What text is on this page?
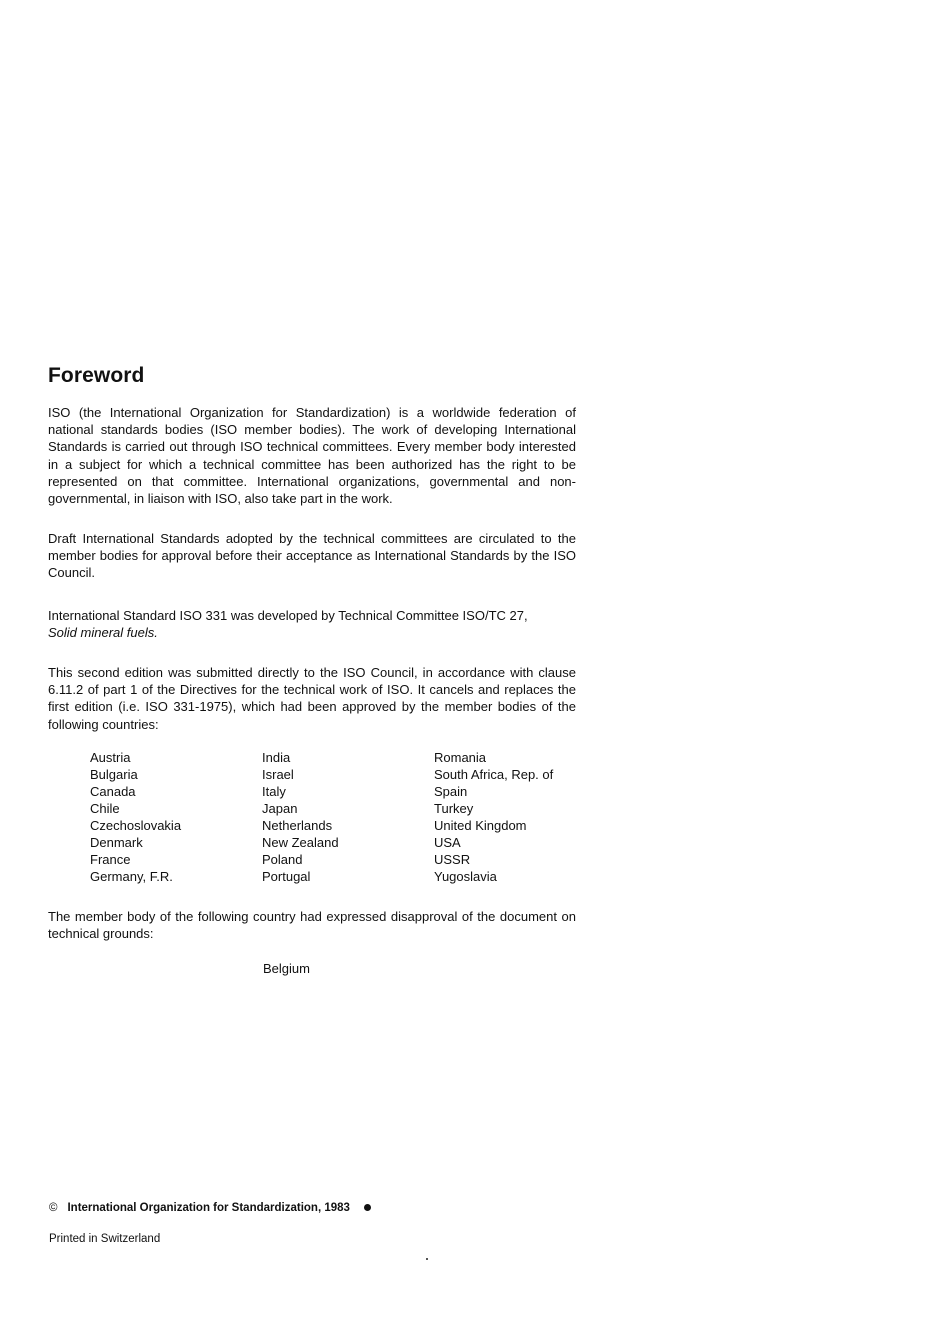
Foreword

ISO (the International Organization for Standardization) is a worldwide federation of national standards bodies (ISO member bodies). The work of developing International Standards is carried out through ISO technical committees. Every member body interested in a subject for which a technical committee has been authorized has the right to be represented on that committee. International organizations, governmental and non-governmental, in liaison with ISO, also take part in the work.

Draft International Standards adopted by the technical committees are circulated to the member bodies for approval before their acceptance as International Standards by the ISO Council.

International Standard ISO 331 was developed by Technical Committee ISO/TC 27,
Solid mineral fuels.

This second edition was submitted directly to the ISO Council, in accordance with clause 6.11.2 of part 1 of the Directives for the technical work of ISO. It cancels and replaces the first edition (i.e. ISO 331-1975), which had been approved by the member bodies of the following countries:

Austria
Bulgaria
Canada
Chile
Czechoslovakia
Denmark
France
Germany, F.R.
India
Israel
Italy
Japan
Netherlands
New Zealand
Poland
Portugal
Romania
South Africa, Rep. of
Spain
Turkey
United Kingdom
USA
USSR
Yugoslavia

The member body of the following country had expressed disapproval of the document on technical grounds:

Belgium
© International Organization for Standardization, 1983
Printed in Switzerland
